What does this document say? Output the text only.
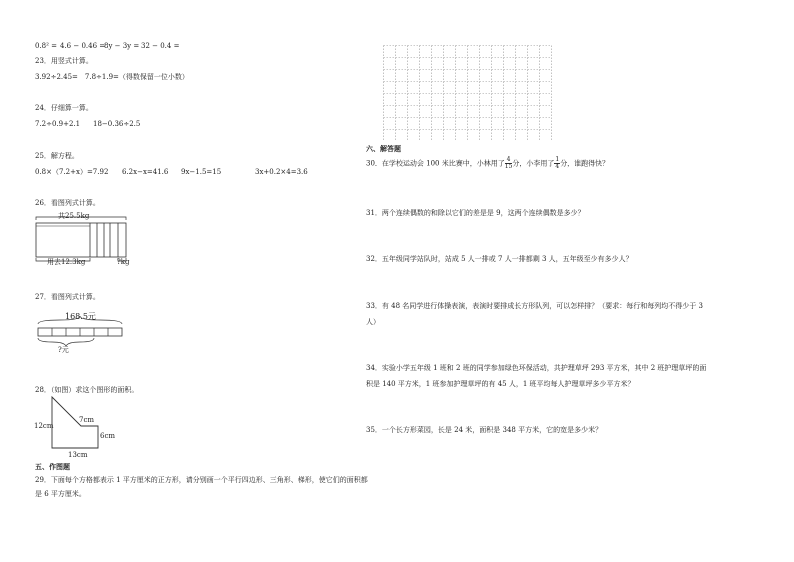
0.8² = 4.6 − 0.46 =
8y − 3y = 32 − 0.4 =
23．用竖式计算。
3.92÷2.45=　7.8÷1.9=（得数保留一位小数）
24．仔细算一算。
7.2÷0.9+2.1 18−0.36÷2.5
25．解方程。
0.8×（7.2+x）=7.92 6.2x−x=41.6 9x−1.5=15	3x+0.2×4=3.6
26．看图列式计算。
共25.5kg
用去12.3kg	?kg
27．看图列式计算。
168.5元
?元
28．（如图）求这个图形的面积。
12cm
7cm
6cm
13cm
五、作图题
29．下面每个方格都表示 1 平方厘米的正方形，请分别画一个平行四边形、三角形、梯形，使它们的面积都
是 6 平方厘米。
六、解答题
30．在学校运动会 100 米比赛中，小林用了 $\frac{4}{15}$ 分，小李用了 $\frac{1}{4}$ 分，谁跑得快？
31．两个连续偶数的和除以它们的差是是 9，这两个连续偶数是多少？
32．五年级同学站队时，站成 5 人一排或 7 人一排都剩 3 人，五年级至少有多少人？
33．有 48 名同学进行体操表演，表演时要排成长方形队列，可以怎样排？（要求：每行和每列均不得少于 3
人）
34．实验小学五年级 1 班和 2 班的同学参加绿色环保活动，共护理草坪 293 平方米，其中 2 班护理草坪的面
积是 140 平方米，1 班参加护理草坪的有 45 人，1 班平均每人护理草坪多少平方米？
35．一个长方形菜园，长是 24 米，面积是 348 平方米，它的宽是多少米？
